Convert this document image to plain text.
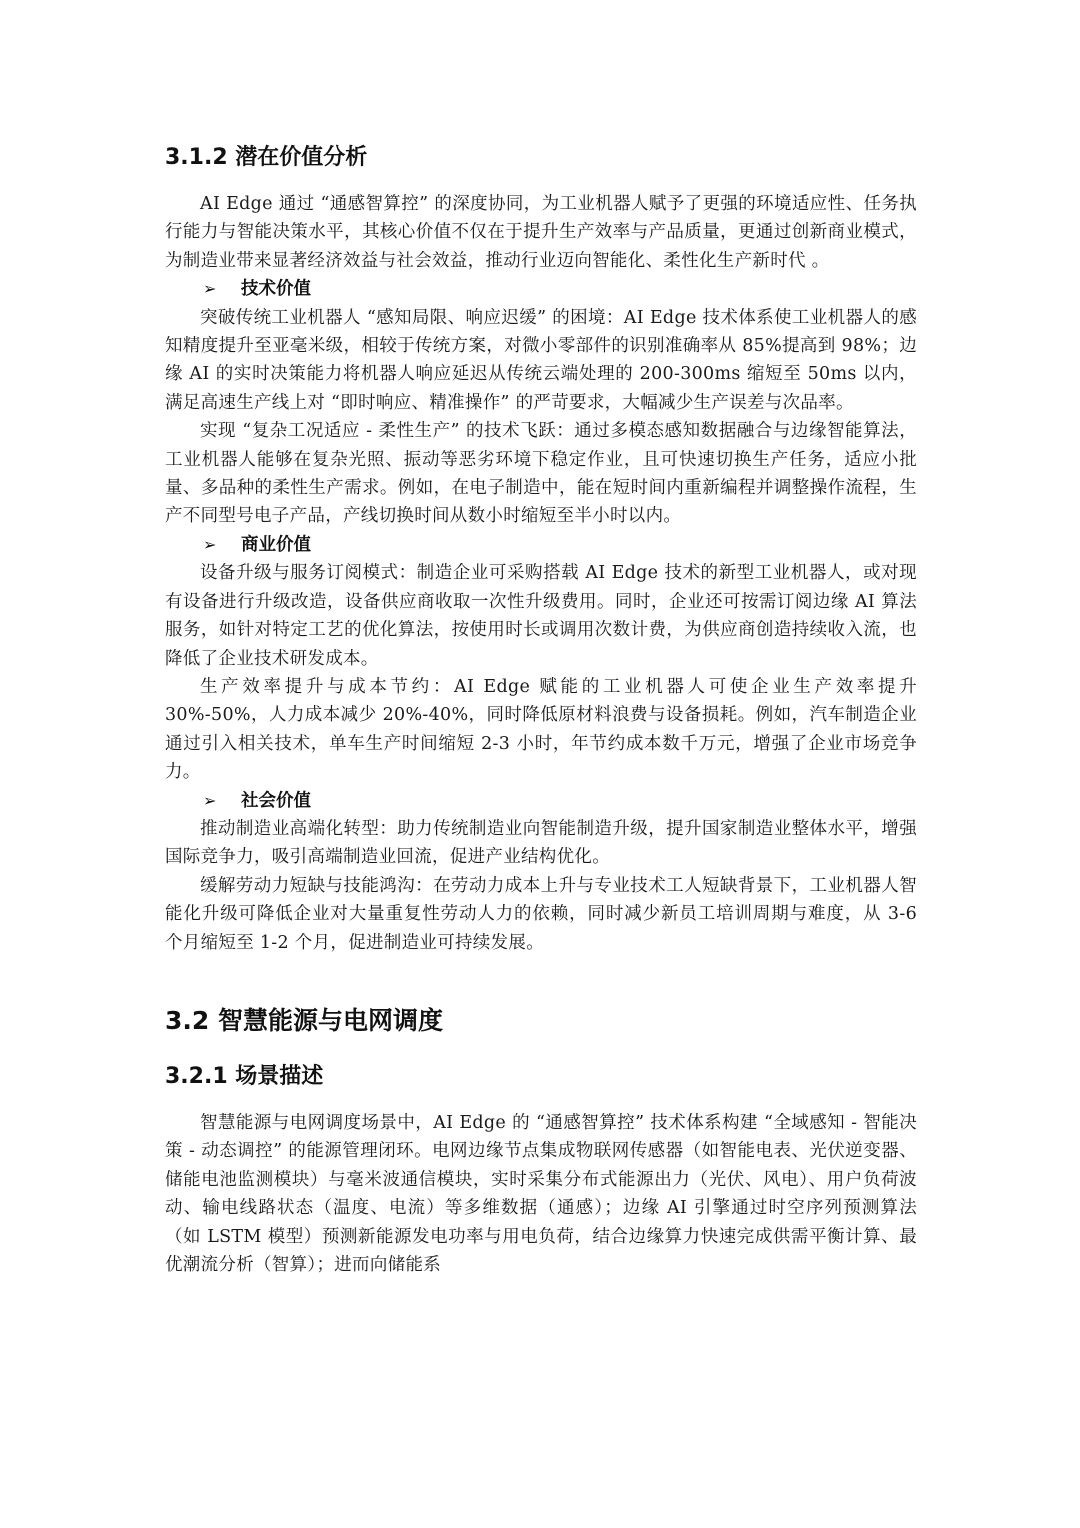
3.1.2 潜在价值分析

AI Edge 通过 “通感智算控” 的深度协同，为工业机器人赋予了更强的环境适应性、任务执行能力与智能决策水平，其核心价值不仅在于提升生产效率与产品质量，更通过创新商业模式，为制造业带来显著经济效益与社会效益，推动行业迈向智能化、柔性化生产新时代 。

➢ 技术价值

突破传统工业机器人 “感知局限、响应迟缓” 的困境：AI Edge 技术体系使工业机器人的感知精度提升至亚毫米级，相较于传统方案，对微小零部件的识别准确率从 85%提高到 98%；边缘 AI 的实时决策能力将机器人响应延迟从传统云端处理的 200-300ms 缩短至 50ms 以内，满足高速生产线上对 “即时响应、精准操作” 的严苛要求，大幅减少生产误差与次品率。

实现 “复杂工况适应 - 柔性生产” 的技术飞跃：通过多模态感知数据融合与边缘智能算法，工业机器人能够在复杂光照、振动等恶劣环境下稳定作业，且可快速切换生产任务，适应小批量、多品种的柔性生产需求。例如，在电子制造中，能在短时间内重新编程并调整操作流程，生产不同型号电子产品，产线切换时间从数小时缩短至半小时以内。

➢ 商业价值

设备升级与服务订阅模式：制造企业可采购搭载 AI Edge 技术的新型工业机器人，或对现有设备进行升级改造，设备供应商收取一次性升级费用。同时，企业还可按需订阅边缘 AI 算法服务，如针对特定工艺的优化算法，按使用时长或调用次数计费，为供应商创造持续收入流，也降低了企业技术研发成本。

生产效率提升与成本节约：AI Edge 赋能的工业机器人可使企业生产效率提升 30%-50%，人力成本减少 20%-40%，同时降低原材料浪费与设备损耗。例如，汽车制造企业通过引入相关技术，单车生产时间缩短 2-3 小时，年节约成本数千万元，增强了企业市场竞争力。

➢ 社会价值

推动制造业高端化转型：助力传统制造业向智能制造升级，提升国家制造业整体水平，增强国际竞争力，吸引高端制造业回流，促进产业结构优化。

缓解劳动力短缺与技能鸿沟：在劳动力成本上升与专业技术工人短缺背景下，工业机器人智能化升级可降低企业对大量重复性劳动人力的依赖，同时减少新员工培训周期与难度，从 3-6 个月缩短至 1-2 个月，促进制造业可持续发展。

3.2 智慧能源与电网调度
3.2.1 场景描述

智慧能源与电网调度场景中，AI Edge 的 “通感智算控” 技术体系构建 “全域感知 - 智能决策 - 动态调控” 的能源管理闭环。电网边缘节点集成物联网传感器（如智能电表、光伏逆变器、储能电池监测模块）与毫米波通信模块，实时采集分布式能源出力（光伏、风电）、用户负荷波动、输电线路状态（温度、电流）等多维数据（通感）；边缘 AI 引擎通过时空序列预测算法（如 LSTM 模型）预测新能源发电功率与用电负荷，结合边缘算力快速完成供需平衡计算、最优潮流分析（智算）；进而向储能系
